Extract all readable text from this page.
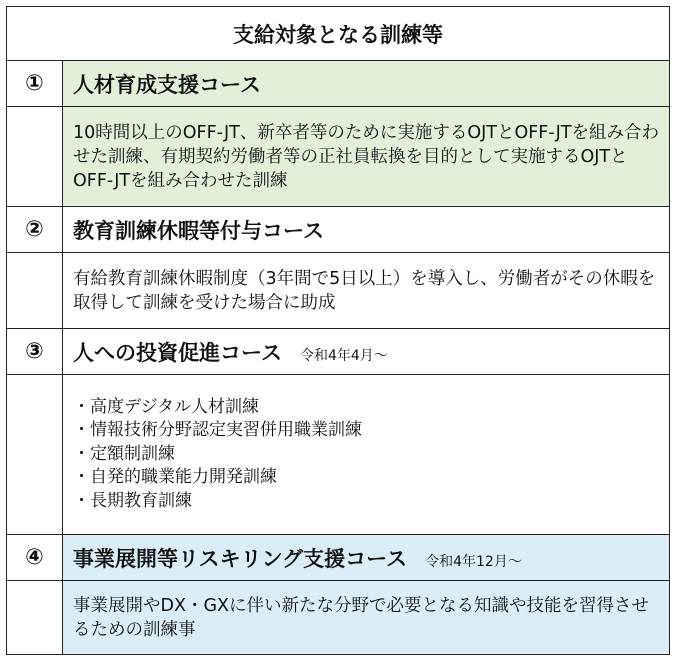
支給対象となる訓練等	
①	人材育成支援コース
	10時間以上のOFF-JT、新卒者等のために実施するOJTとOFF-JTを組み合わせた訓練、有期契約労働者等の正社員転換を目的として実施するOJTとOFF-JTを組み合わせた訓練
②	教育訓練休暇等付与コース
	有給教育訓練休暇制度（3年間で5日以上）を導入し、労働者がその休暇を取得して訓練を受けた場合に助成
③	人への投資促進コース 令和4年4月～

	・高度デジタル人材訓練
・情報技術分野認定実習併用職業訓練
・定額制訓練
・自発的職業能力開発訓練
・長期教育訓練

④	事業展開等リスキリング支援コース 令和4年12月～
	事業展開やDX・GXに伴い新たな分野で必要となる知識や技能を習得させるための訓練事
